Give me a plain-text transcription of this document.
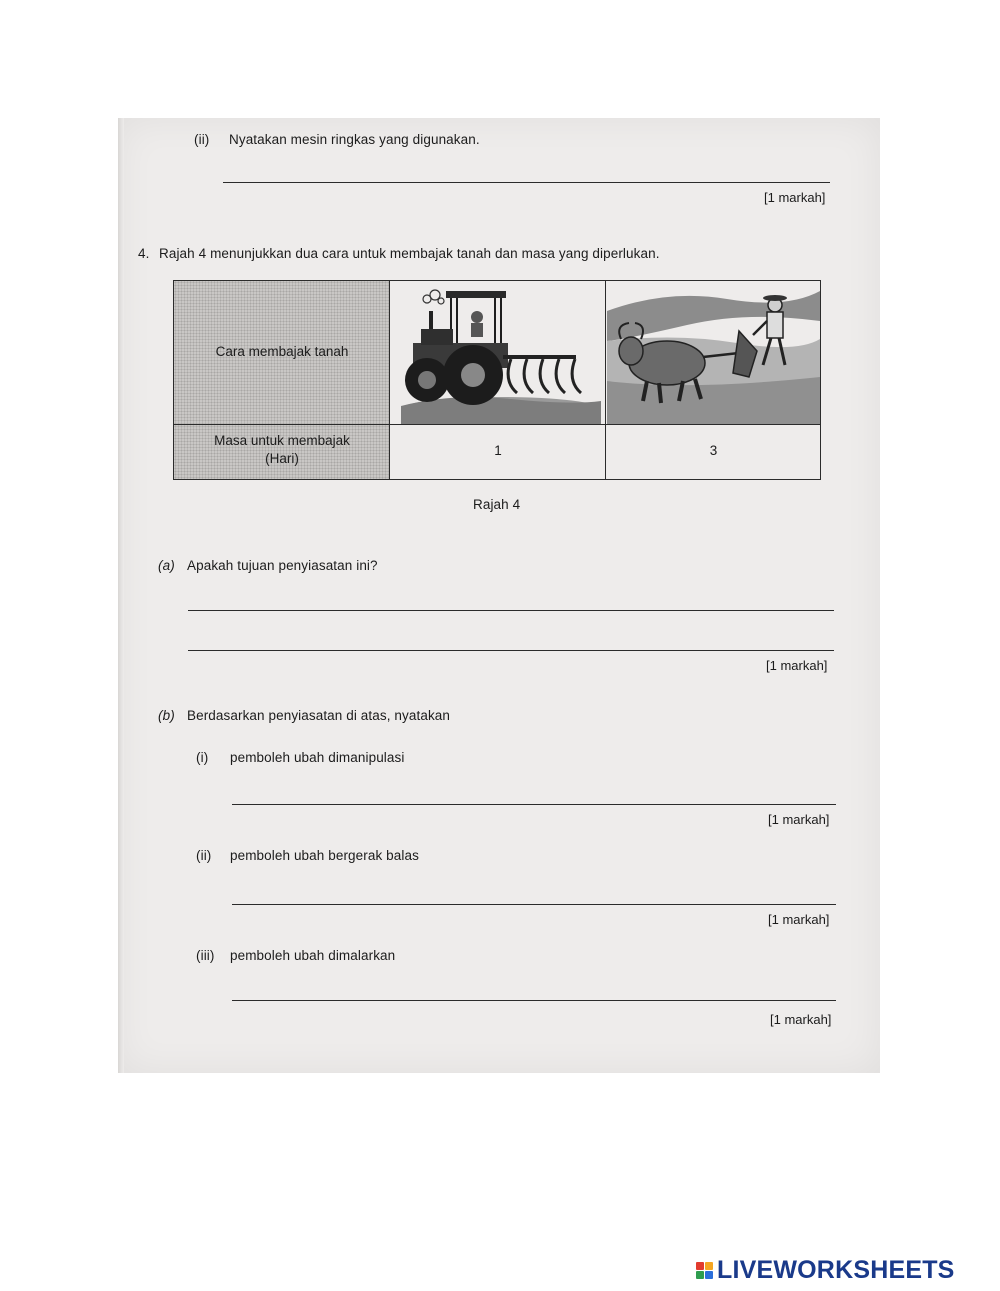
(ii) Nyatakan mesin ringkas yang digunakan.
[1 markah]
4. Rajah 4 menunjukkan dua cara untuk membajak tanah dan masa yang diperlukan.
Cara membajak tanah
Masa untuk membajak
(Hari)
1	3
Rajah 4
(a) Apakah tujuan penyiasatan ini?
[1 markah]
(b) Berdasarkan penyiasatan di atas, nyatakan
(i) pemboleh ubah dimanipulasi
[1 markah]
(ii) pemboleh ubah bergerak balas
[1 markah]
(iii) pemboleh ubah dimalarkan
[1 markah]
LIVEWORKSHEETS
